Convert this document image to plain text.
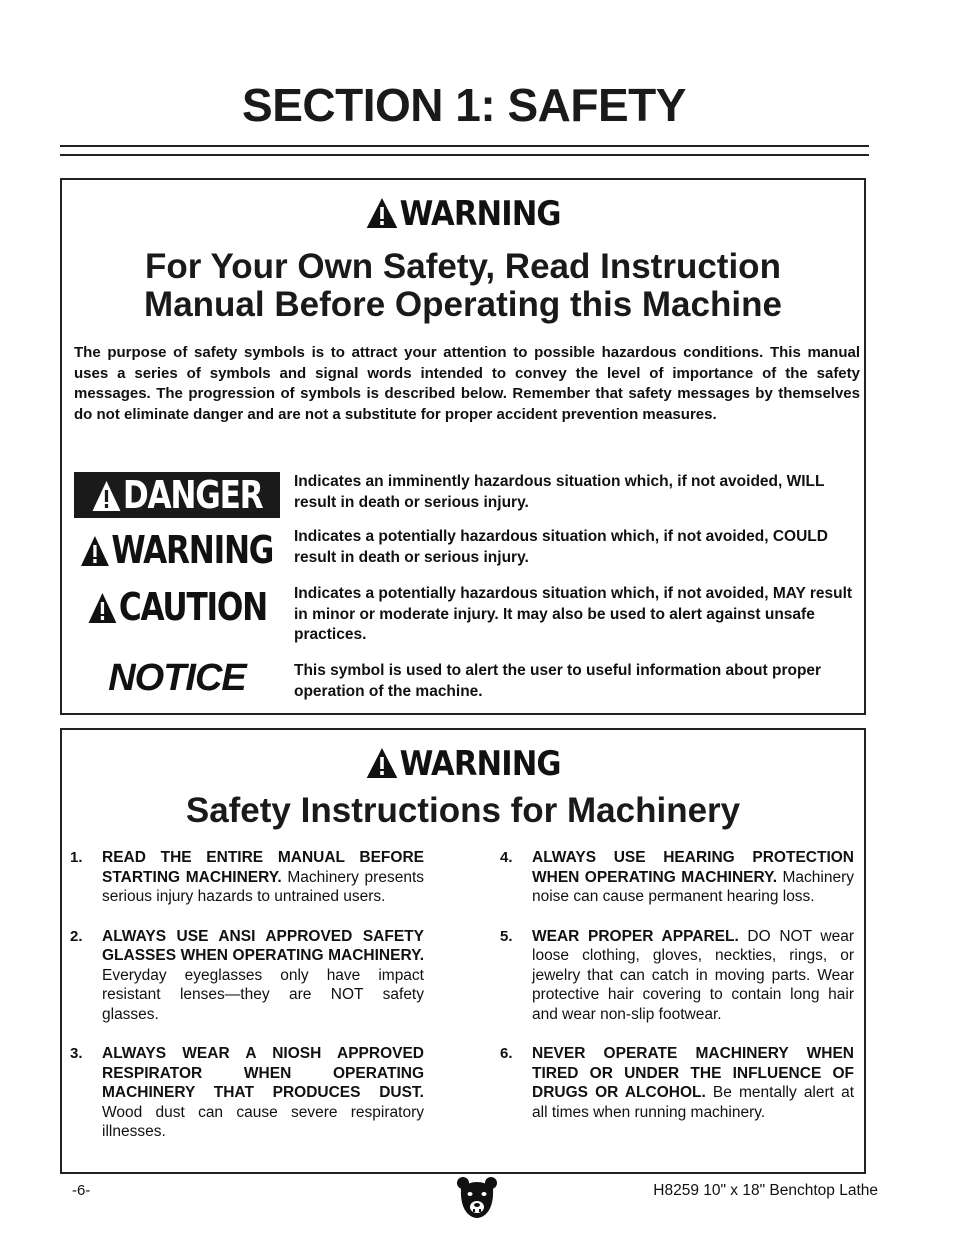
SECTION 1: SAFETY
WARNING
For Your Own Safety, Read Instruction
Manual Before Operating this Machine
The purpose of safety symbols is to attract your attention to possible hazardous conditions. This manual uses a series of symbols and signal words intended to convey the level of importance of the safety messages. The progression of symbols is described below. Remember that safety messages by themselves do not eliminate danger and are not a substitute for proper accident prevention measures.
DANGER Indicates an imminently hazardous situation which, if not avoided, WILL result in death or serious injury.
WARNING Indicates a potentially hazardous situation which, if not avoided, COULD result in death or serious injury.
CAUTION Indicates a potentially hazardous situation which, if not avoided, MAY result in minor or moderate injury. It may also be used to alert against unsafe practices.
NOTICE	This symbol is used to alert the user to useful information about proper operation of the machine.
WARNING
Safety Instructions for Machinery
1. READ THE ENTIRE MANUAL BEFORE STARTING MACHINERY. Machinery presents serious injury hazards to untrained users.
2. ALWAYS USE ANSI APPROVED SAFETY GLASSES WHEN OPERATING MACHINERY. Everyday eyeglasses only have impact resistant lenses—they are NOT safety glasses.
3. ALWAYS WEAR A NIOSH APPROVED RESPIRATOR WHEN OPERATING MACHINERY THAT PRODUCES DUST. Wood dust can cause severe respiratory illnesses.
4. ALWAYS USE HEARING PROTECTION WHEN OPERATING MACHINERY. Machinery noise can cause permanent hearing loss.
5. WEAR PROPER APPAREL. DO NOT wear loose clothing, gloves, neckties, rings, or jewelry that can catch in moving parts. Wear protective hair covering to contain long hair and wear non-slip footwear.
6. NEVER OPERATE MACHINERY WHEN TIRED OR UNDER THE INFLUENCE OF DRUGS OR ALCOHOL. Be mentally alert at all times when running machinery.
-6-	H8259 10" x 18" Benchtop Lathe
